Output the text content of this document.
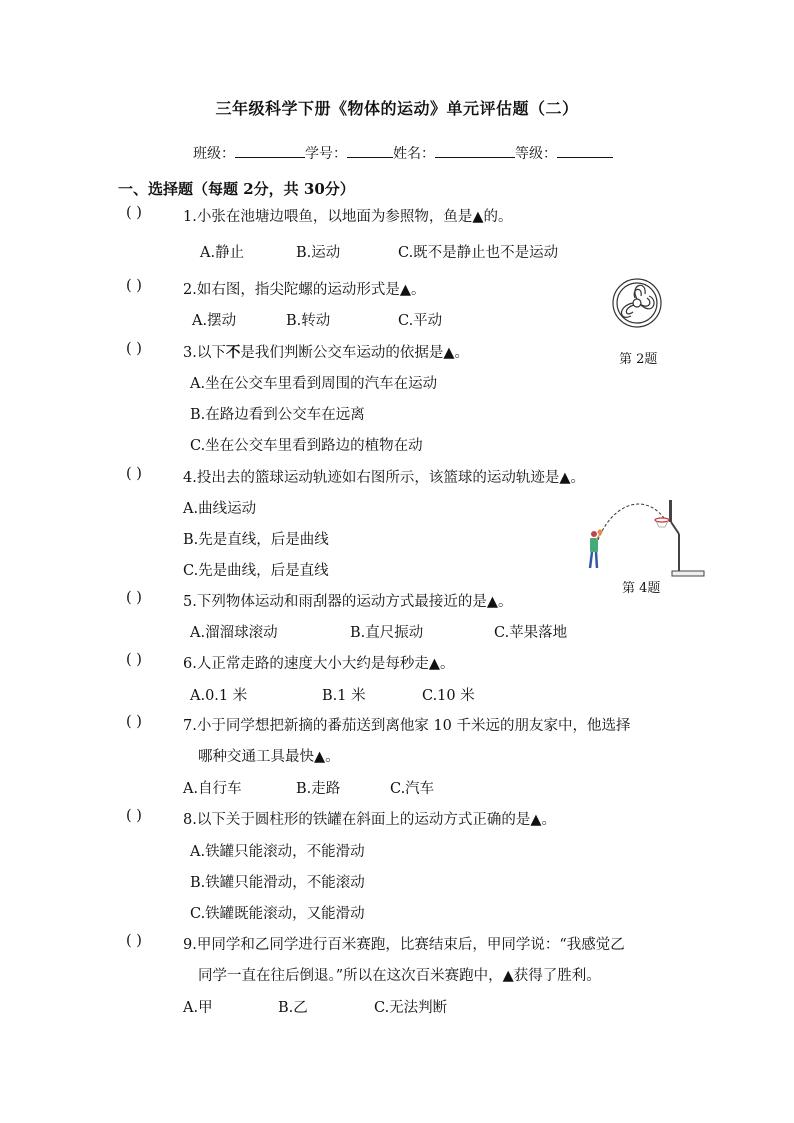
三年级科学下册《物体的运动》单元评估题（二）
班级：	学号：	姓名：	等级：
一、选择题（每题 2分，共 30分）
( )	1.小张在池塘边喂鱼，以地面为参照物，鱼是▲的。
A.静止	B.运动	C.既不是静止也不是运动
( )	2.如右图，指尖陀螺的运动形式是▲。
A.摆动	B.转动	C.平动
第 2题
( )	3.以下不是我们判断公交车运动的依据是▲。
A.坐在公交车里看到周围的汽车在运动
B.在路边看到公交车在远离
C.坐在公交车里看到路边的植物在动
( )	4.投出去的篮球运动轨迹如右图所示，该篮球的运动轨迹是▲。
A.曲线运动
B.先是直线，后是曲线
C.先是曲线，后是直线
第 4题
( )	5.下列物体运动和雨刮器的运动方式最接近的是▲。
A.溜溜球滚动	B.直尺振动	C.苹果落地
( )	6.人正常走路的速度大小大约是每秒走▲。
A.0.1 米	B.1 米	C.10 米
( )	7.小于同学想把新摘的番茄送到离他家 10 千米远的朋友家中，他选择
哪种交通工具最快▲。
A.自行车	B.走路	C.汽车
( )	8.以下关于圆柱形的铁罐在斜面上的运动方式正确的是▲。
A.铁罐只能滚动，不能滑动
B.铁罐只能滑动，不能滚动
C.铁罐既能滚动，又能滑动
( )	9.甲同学和乙同学进行百米赛跑，比赛结束后，甲同学说：“我感觉乙
同学一直在往后倒退。”所以在这次百米赛跑中，▲获得了胜利。
A.甲	B.乙	C.无法判断
